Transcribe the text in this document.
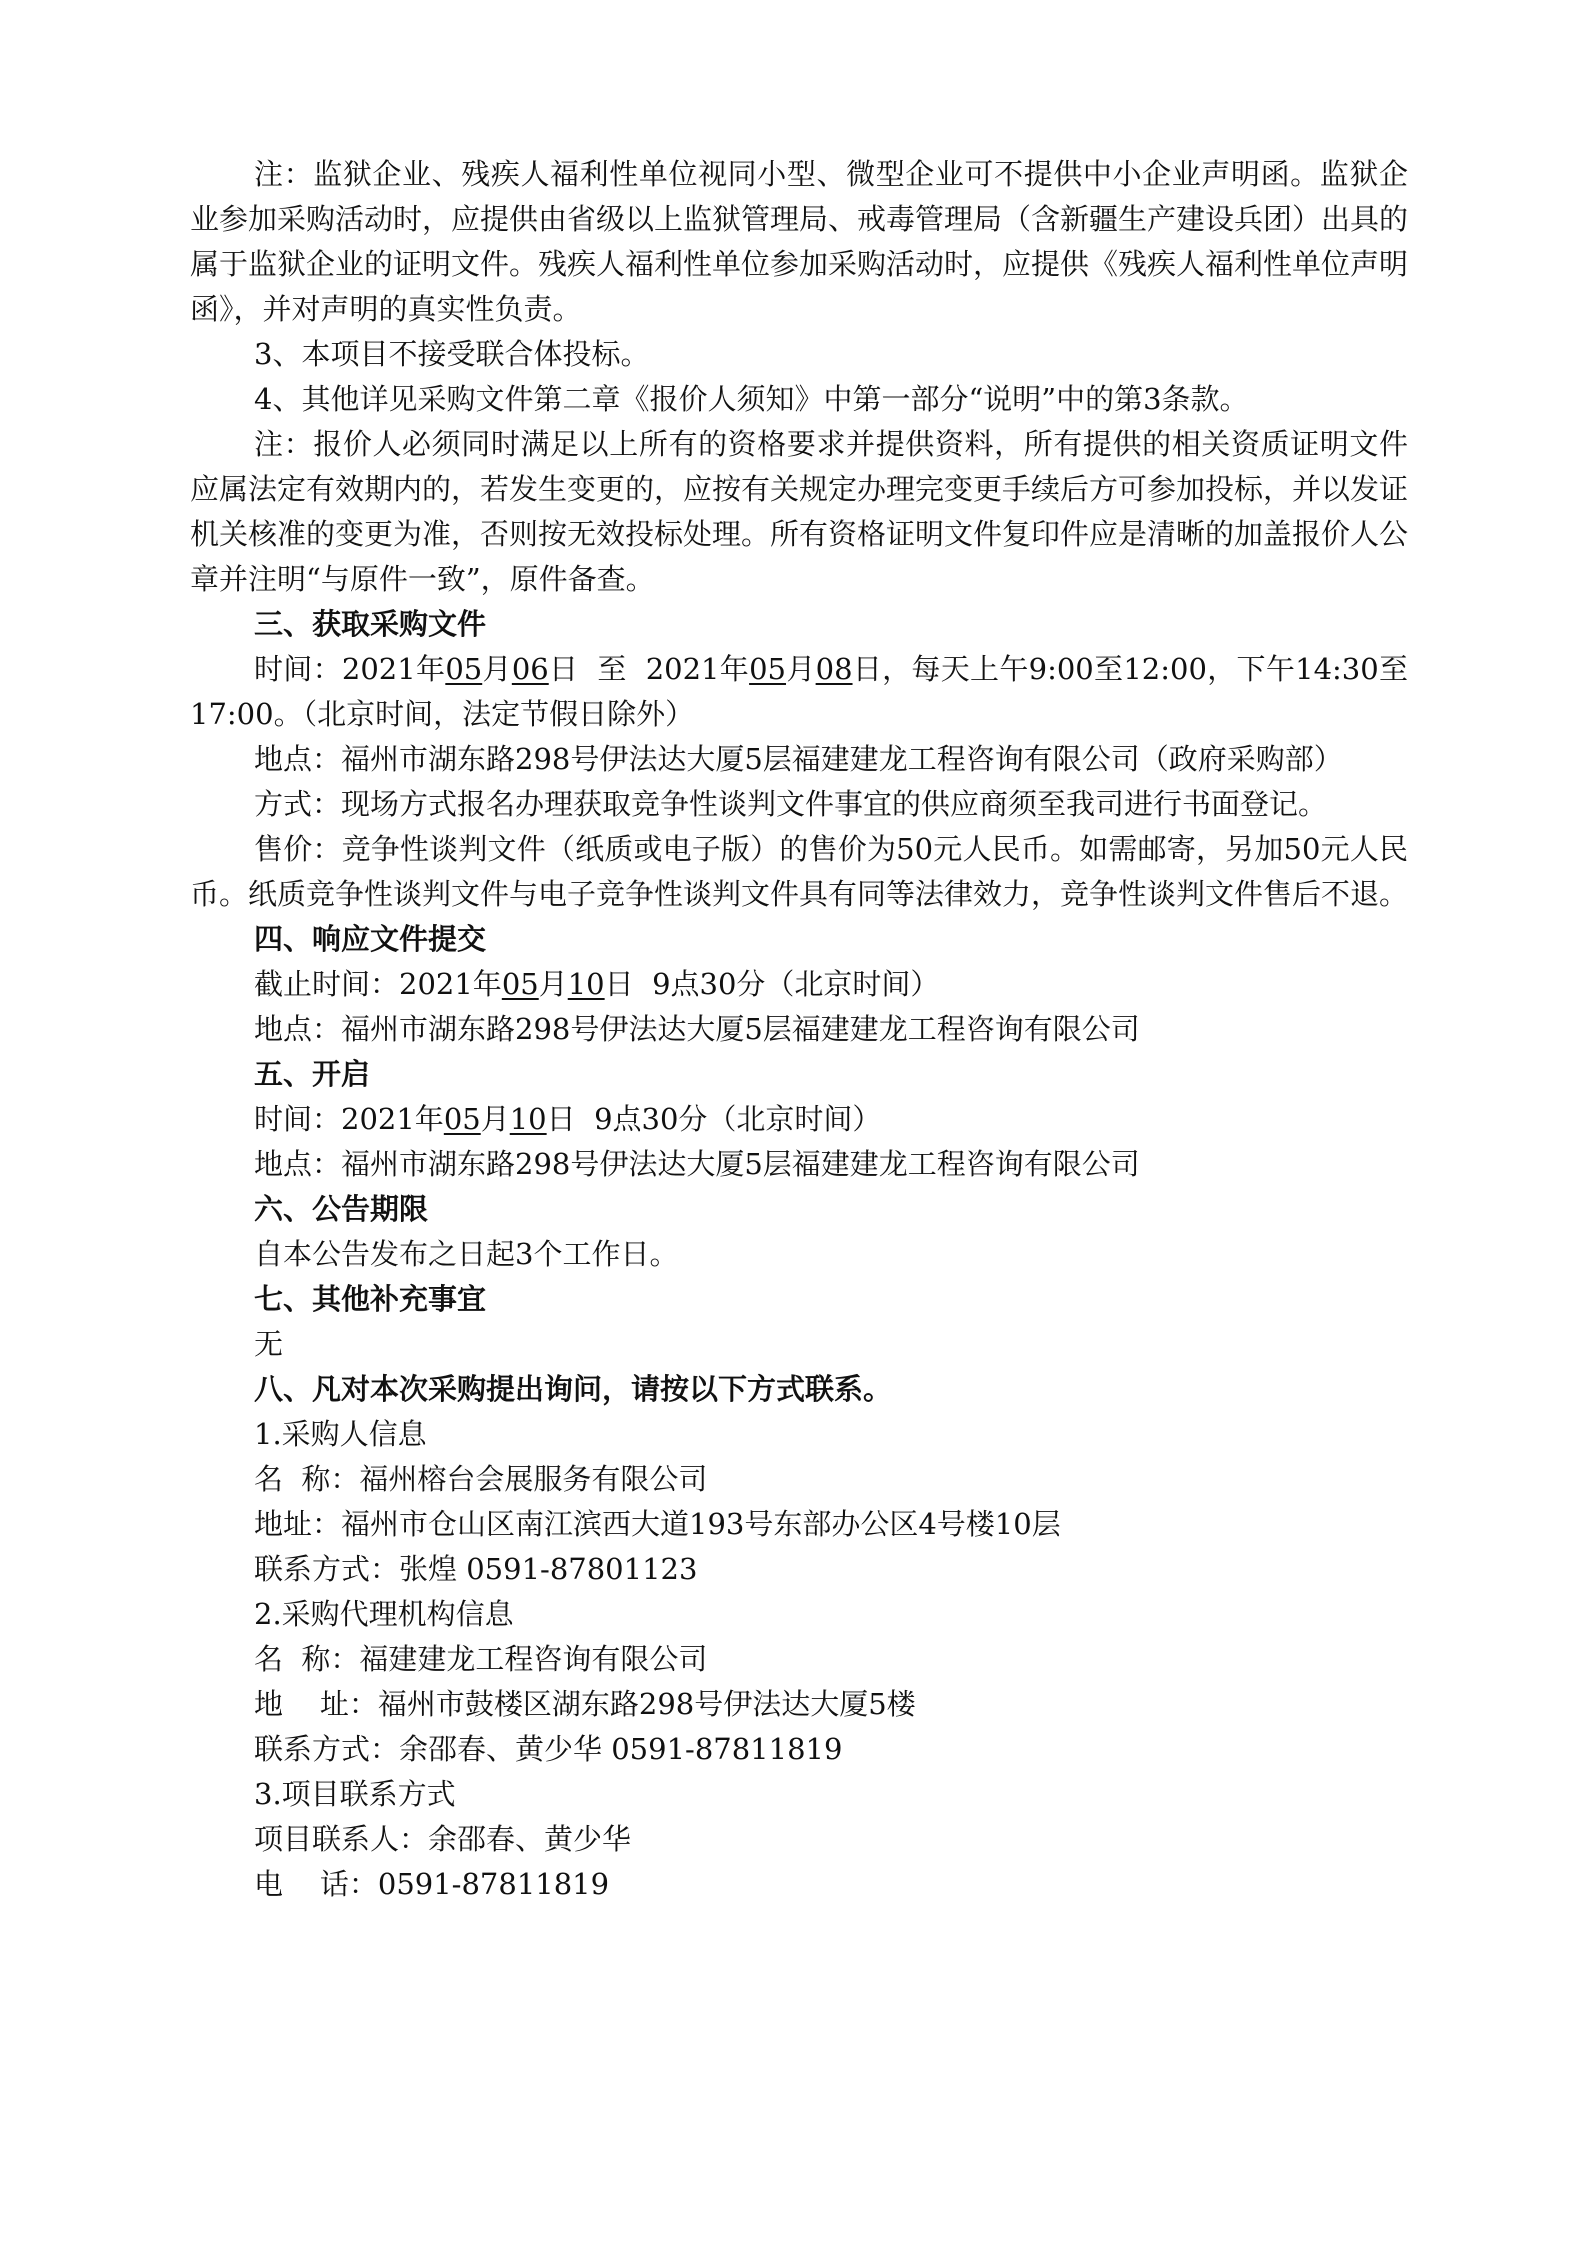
注：监狱企业、残疾人福利性单位视同小型、微型企业可不提供中小企业声明函。监狱企业参加采购活动时，应提供由省级以上监狱管理局、戒毒管理局（含新疆生产建设兵团）出具的属于监狱企业的证明文件。残疾人福利性单位参加采购活动时，应提供《残疾人福利性单位声明函》，并对声明的真实性负责。

3、本项目不接受联合体投标。

4、其他详见采购文件第二章《报价人须知》中第一部分“说明”中的第3条款。

注：报价人必须同时满足以上所有的资格要求并提供资料，所有提供的相关资质证明文件应属法定有效期内的，若发生变更的，应按有关规定办理完变更手续后方可参加投标，并以发证机关核准的变更为准，否则按无效投标处理。所有资格证明文件复印件应是清晰的加盖报价人公章并注明“与原件一致”，原件备查。

三、获取采购文件

时间：2021年05月06日  至  2021年05月08日，每天上午9:00至12:00，下午14:30至17:00。（北京时间，法定节假日除外）

地点：福州市湖东路298号伊法达大厦5层福建建龙工程咨询有限公司（政府采购部）

方式：现场方式报名办理获取竞争性谈判文件事宜的供应商须至我司进行书面登记。

售价：竞争性谈判文件（纸质或电子版）的售价为50元人民币。如需邮寄，另加50元人民币。纸质竞争性谈判文件与电子竞争性谈判文件具有同等法律效力，竞争性谈判文件售后不退。

四、响应文件提交

截止时间：2021年05月10日  9点30分（北京时间）

地点：福州市湖东路298号伊法达大厦5层福建建龙工程咨询有限公司

五、开启

时间：2021年05月10日  9点30分（北京时间）

地点：福州市湖东路298号伊法达大厦5层福建建龙工程咨询有限公司

六、公告期限

自本公告发布之日起3个工作日。

七、其他补充事宜

无

八、凡对本次采购提出询问，请按以下方式联系。

1.采购人信息

名  称：福州榕台会展服务有限公司

地址：福州市仓山区南江滨西大道193号东部办公区4号楼10层

联系方式：张煌 0591-87801123

2.采购代理机构信息

名  称：福建建龙工程咨询有限公司

地    址：福州市鼓楼区湖东路298号伊法达大厦5楼

联系方式：余邵春、黄少华 0591-87811819

3.项目联系方式

项目联系人：余邵春、黄少华

电    话：0591-87811819
